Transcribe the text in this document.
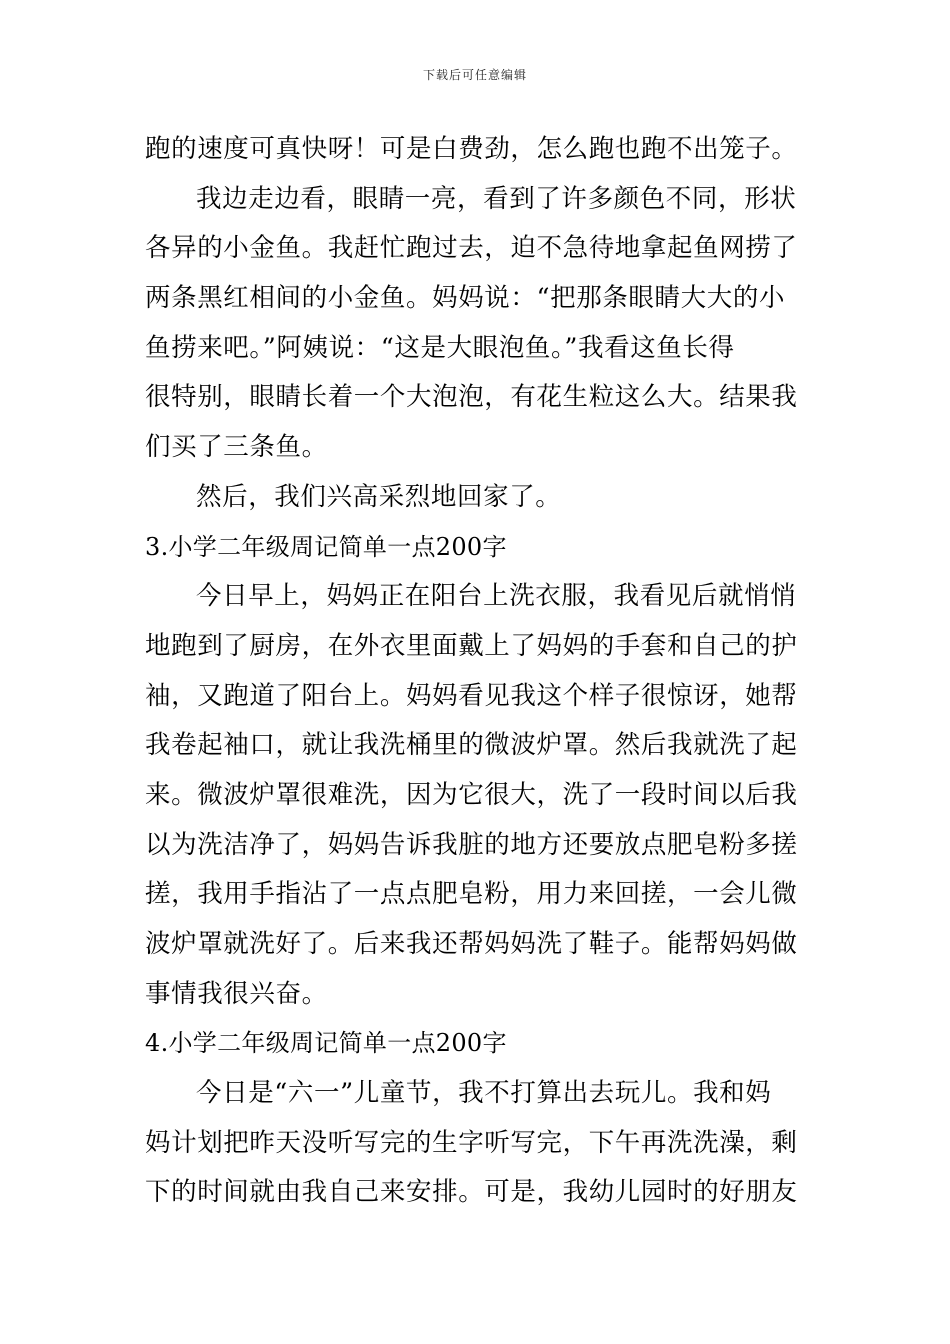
下载后可任意编辑
跑的速度可真快呀！可是白费劲，怎么跑也跑不出笼子。
我边走边看，眼睛一亮，看到了许多颜色不同，形状
各异的小金鱼。我赶忙跑过去，迫不急待地拿起鱼网捞了
两条黑红相间的小金鱼。妈妈说：“把那条眼睛大大的小
鱼捞来吧。”阿姨说：“这是大眼泡鱼。”我看这鱼长得
很特别，眼睛长着一个大泡泡，有花生粒这么大。结果我
们买了三条鱼。
然后，我们兴高采烈地回家了。
3.小学二年级周记简单一点200字
今日早上，妈妈正在阳台上洗衣服，我看见后就悄悄
地跑到了厨房，在外衣里面戴上了妈妈的手套和自己的护
袖，又跑道了阳台上。妈妈看见我这个样子很惊讶，她帮
我卷起袖口，就让我洗桶里的微波炉罩。然后我就洗了起
来。微波炉罩很难洗，因为它很大，洗了一段时间以后我
以为洗洁净了，妈妈告诉我脏的地方还要放点肥皂粉多搓
搓，我用手指沾了一点点肥皂粉，用力来回搓，一会儿微
波炉罩就洗好了。后来我还帮妈妈洗了鞋子。能帮妈妈做
事情我很兴奋。
4.小学二年级周记简单一点200字
今日是“六一”儿童节，我不打算出去玩儿。我和妈
妈计划把昨天没听写完的生字听写完，下午再洗洗澡，剩
下的时间就由我自己来安排。可是，我幼儿园时的好朋友
